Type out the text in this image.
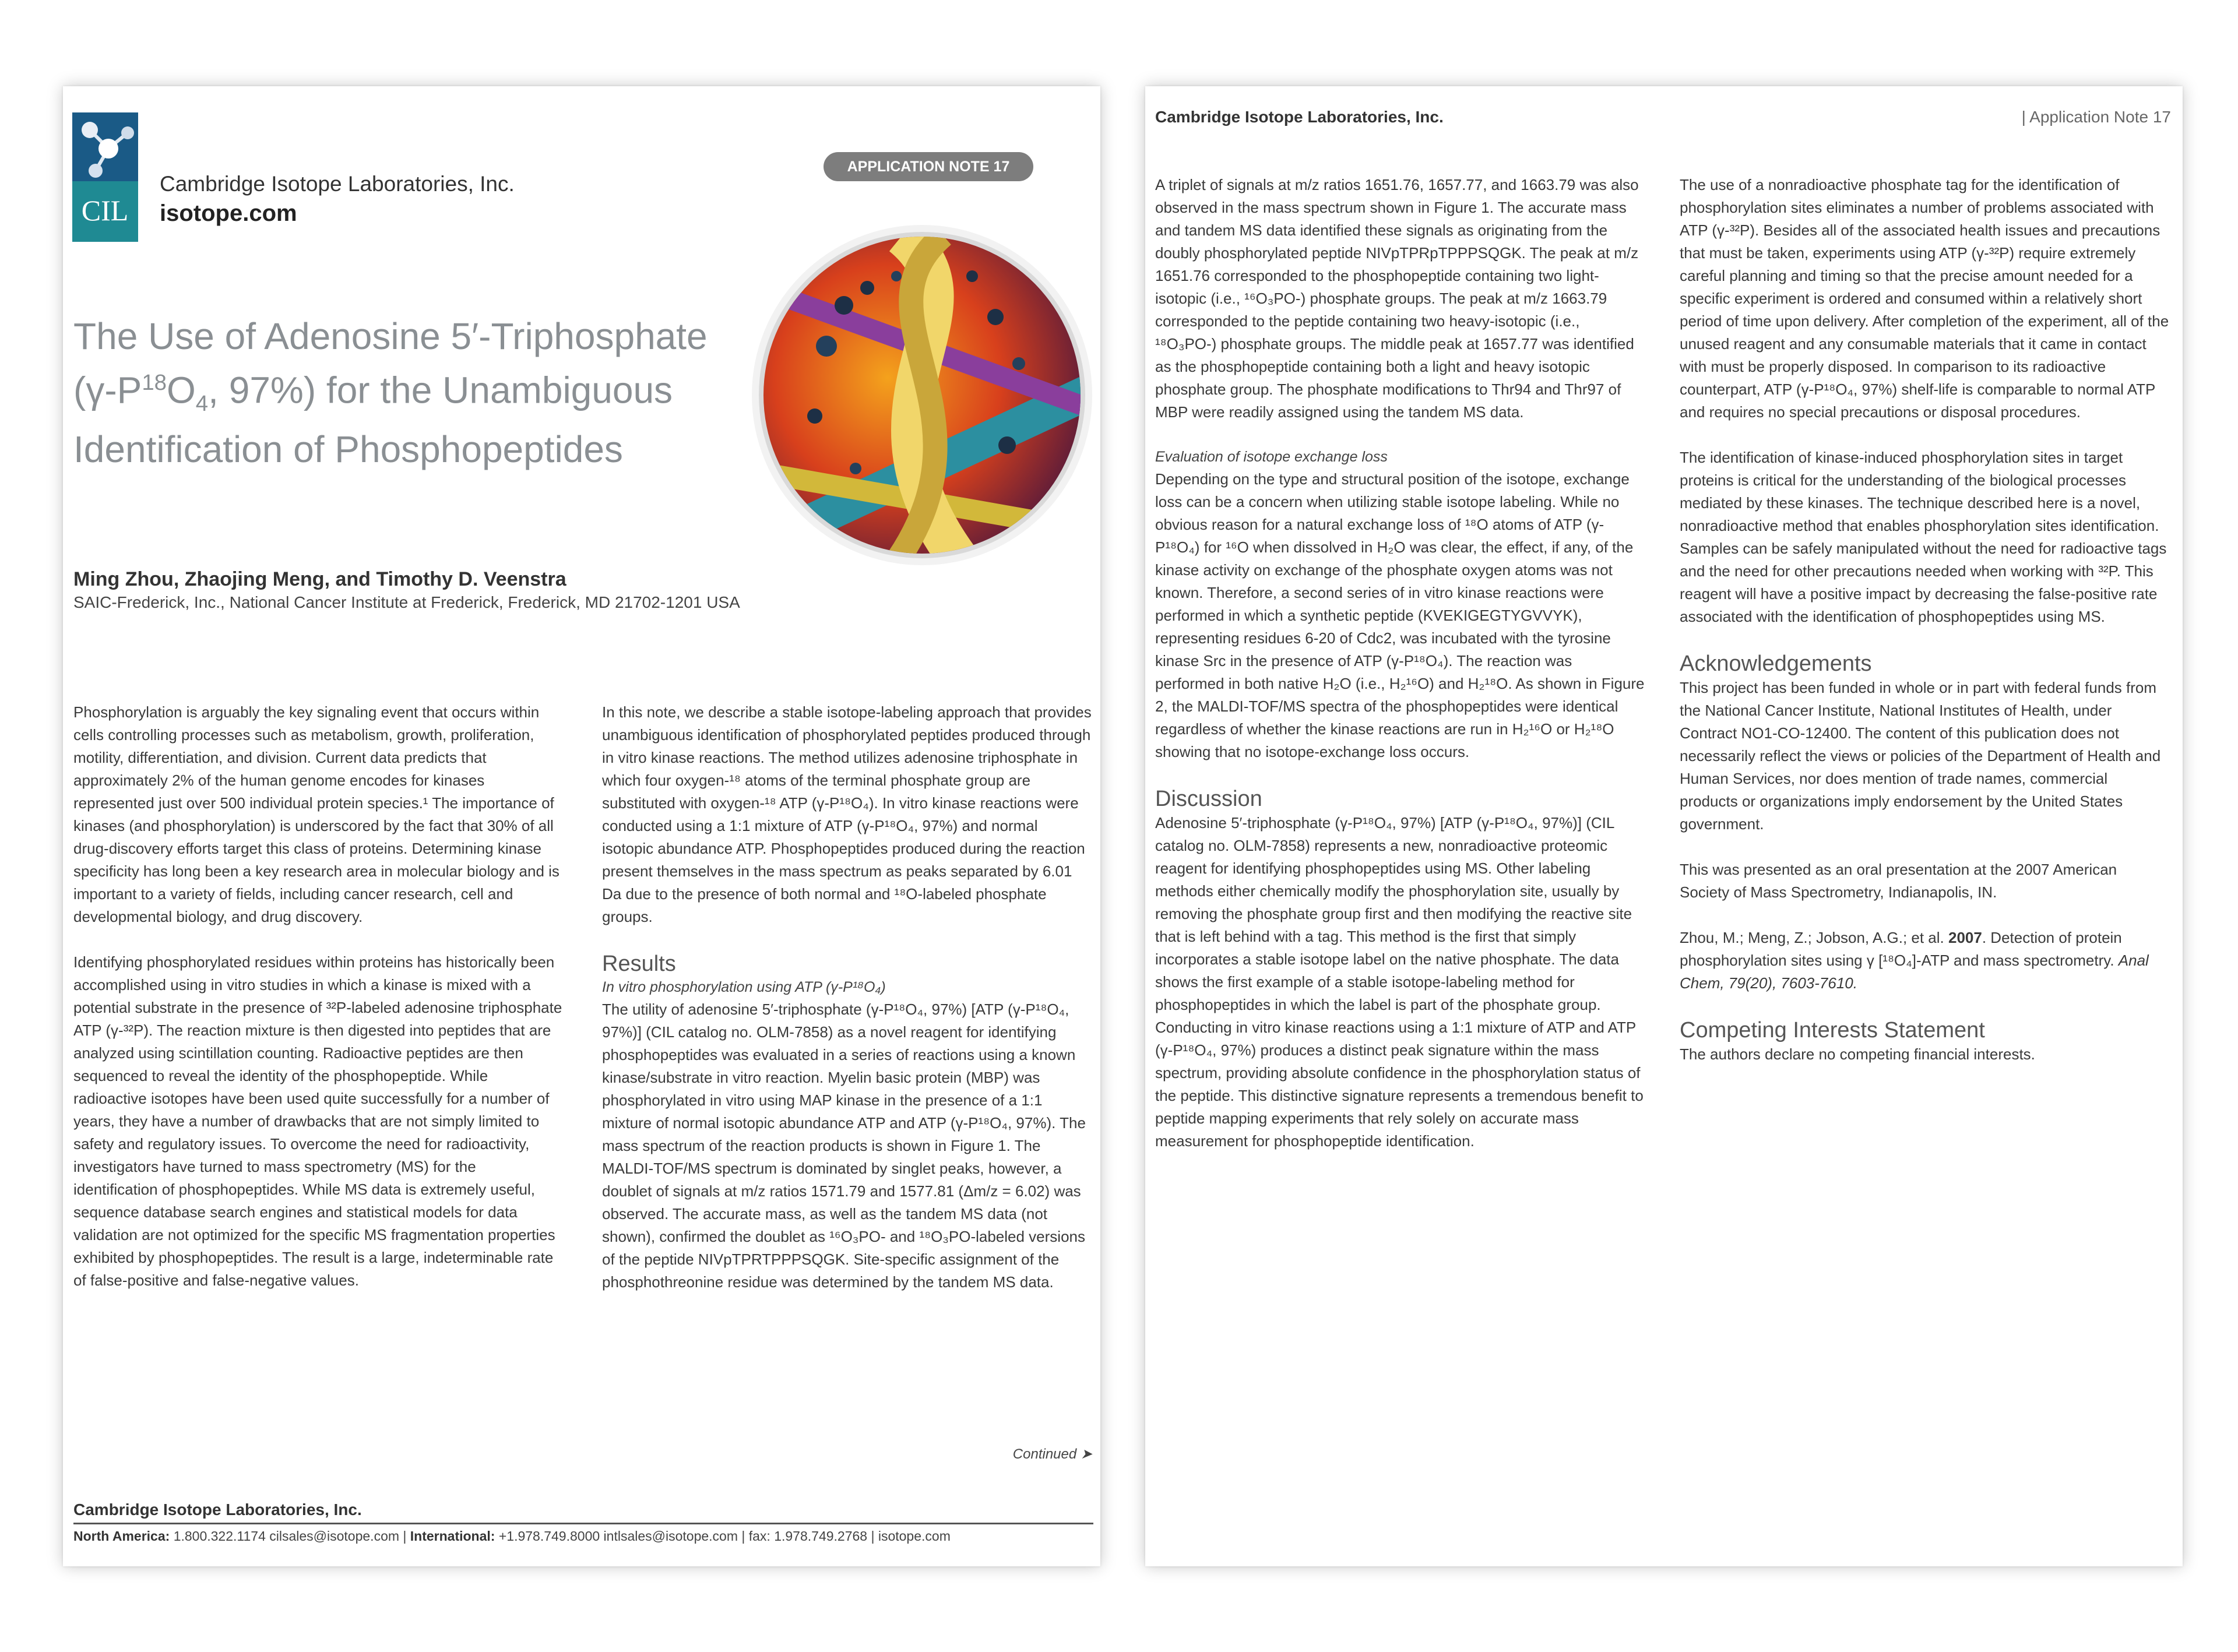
CIL
Cambridge Isotope Laboratories, Inc.
isotope.com
APPLICATION NOTE 17
The Use of Adenosine 5′-Triphosphate
($\gamma-P^{18}O_4$, 97%) for the Unambiguous
Identification of Phosphopeptides
Ming Zhou, Zhaojing Meng, and Timothy D. Veenstra
SAIC-Frederick, Inc., National Cancer Institute at Frederick, Frederick, MD 21702-1201 USA

Phosphorylation is arguably the key signaling event that occurs within cells controlling processes such as metabolism, growth, proliferation, motility, differentiation, and division. Current data predicts that approximately 2% of the human genome encodes for kinases represented just over 500 individual protein species.¹ The importance of kinases (and phosphorylation) is underscored by the fact that 30% of all drug-discovery efforts target this class of proteins. Determining kinase specificity has long been a key research area in molecular biology and is important to a variety of fields, including cancer research, cell and developmental biology, and drug discovery.

Identifying phosphorylated residues within proteins has historically been accomplished using in vitro studies in which a kinase is mixed with a potential substrate in the presence of ³²P-labeled adenosine triphosphate ATP (γ-³²P). The reaction mixture is then digested into peptides that are analyzed using scintillation counting. Radioactive peptides are then sequenced to reveal the identity of the phosphopeptide. While radioactive isotopes have been used quite successfully for a number of years, they have a number of drawbacks that are not simply limited to safety and regulatory issues. To overcome the need for radioactivity, investigators have turned to mass spectrometry (MS) for the identification of phosphopeptides. While MS data is extremely useful, sequence database search engines and statistical models for data validation are not optimized for the specific MS fragmentation properties exhibited by phosphopeptides. The result is a large, indeterminable rate of false-positive and false-negative values.

In this note, we describe a stable isotope-labeling approach that provides unambiguous identification of phosphorylated peptides produced through in vitro kinase reactions. The method utilizes adenosine triphosphate in which four oxygen-¹⁸ atoms of the terminal phosphate group are substituted with oxygen-¹⁸ ATP (γ-P¹⁸O₄). In vitro kinase reactions were conducted using a 1:1 mixture of ATP (γ-P¹⁸O₄, 97%) and normal isotopic abundance ATP. Phosphopeptides produced during the reaction present themselves in the mass spectrum as peaks separated by 6.01 Da due to the presence of both normal and ¹⁸O-labeled phosphate groups.

Results
In vitro phosphorylation using ATP (γ-P¹⁸O₄)

The utility of adenosine 5′-triphosphate (γ-P¹⁸O₄, 97%) [ATP (γ-P¹⁸O₄, 97%)] (CIL catalog no. OLM-7858) as a novel reagent for identifying phosphopeptides was evaluated in a series of reactions using a known kinase/substrate in vitro reaction. Myelin basic protein (MBP) was phosphorylated in vitro using MAP kinase in the presence of a 1:1 mixture of normal isotopic abundance ATP and ATP (γ-P¹⁸O₄, 97%). The mass spectrum of the reaction products is shown in Figure 1. The MALDI-TOF/MS spectrum is dominated by singlet peaks, however, a doublet of signals at m/z ratios 1571.79 and 1577.81 (Δm/z = 6.02) was observed. The accurate mass, as well as the tandem MS data (not shown), confirmed the doublet as ¹⁶O₃PO- and ¹⁸O₃PO-labeled versions of the peptide NIVpTPRTPPPSQGK. Site-specific assignment of the phosphothreonine residue was determined by the tandem MS data.

Continued ➤
Cambridge Isotope Laboratories, Inc.
North America: 1.800.322.1174 cilsales@isotope.com | International: +1.978.749.8000 intlsales@isotope.com | fax: 1.978.749.2768 | isotope.com
Cambridge Isotope Laboratories, Inc.	| Application Note 17

A triplet of signals at m/z ratios 1651.76, 1657.77, and 1663.79 was also observed in the mass spectrum shown in Figure 1. The accurate mass and tandem MS data identified these signals as originating from the doubly phosphorylated peptide NIVpTPRpTPPPSQGK. The peak at m/z 1651.76 corresponded to the phosphopeptide containing two light-isotopic (i.e., ¹⁶O₃PO-) phosphate groups. The peak at m/z 1663.79 corresponded to the peptide containing two heavy-isotopic (i.e., ¹⁸O₃PO-) phosphate groups. The middle peak at 1657.77 was identified as the phosphopeptide containing both a light and heavy isotopic phosphate group. The phosphate modifications to Thr94 and Thr97 of MBP were readily assigned using the tandem MS data.

Evaluation of isotope exchange loss

Depending on the type and structural position of the isotope, exchange loss can be a concern when utilizing stable isotope labeling. While no obvious reason for a natural exchange loss of ¹⁸O atoms of ATP (γ-P¹⁸O₄) for ¹⁶O when dissolved in H₂O was clear, the effect, if any, of the kinase activity on exchange of the phosphate oxygen atoms was not known. Therefore, a second series of in vitro kinase reactions were performed in which a synthetic peptide (KVEKIGEGTYGVVYK), representing residues 6-20 of Cdc2, was incubated with the tyrosine kinase Src in the presence of ATP (γ-P¹⁸O₄). The reaction was performed in both native H₂O (i.e., H₂¹⁶O) and H₂¹⁸O. As shown in Figure 2, the MALDI-TOF/MS spectra of the phosphopeptides were identical regardless of whether the kinase reactions are run in H₂¹⁶O or H₂¹⁸O showing that no isotope-exchange loss occurs.

Discussion

Adenosine 5′-triphosphate (γ-P¹⁸O₄, 97%) [ATP (γ-P¹⁸O₄, 97%)] (CIL catalog no. OLM-7858) represents a new, nonradioactive proteomic reagent for identifying phosphopeptides using MS. Other labeling methods either chemically modify the phosphorylation site, usually by removing the phosphate group first and then modifying the reactive site that is left behind with a tag. This method is the first that simply incorporates a stable isotope label on the native phosphate. The data shows the first example of a stable isotope-labeling method for phosphopeptides in which the label is part of the phosphate group. Conducting in vitro kinase reactions using a 1:1 mixture of ATP and ATP (γ-P¹⁸O₄, 97%) produces a distinct peak signature within the mass spectrum, providing absolute confidence in the phosphorylation status of the peptide. This distinctive signature represents a tremendous benefit to peptide mapping experiments that rely solely on accurate mass measurement for phosphopeptide identification.

The use of a nonradioactive phosphate tag for the identification of phosphorylation sites eliminates a number of problems associated with ATP (γ-³²P). Besides all of the associated health issues and precautions that must be taken, experiments using ATP (γ-³²P) require extremely careful planning and timing so that the precise amount needed for a specific experiment is ordered and consumed within a relatively short period of time upon delivery. After completion of the experiment, all of the unused reagent and any consumable materials that it came in contact with must be properly disposed. In comparison to its radioactive counterpart, ATP (γ-P¹⁸O₄, 97%) shelf-life is comparable to normal ATP and requires no special precautions or disposal procedures.

The identification of kinase-induced phosphorylation sites in target proteins is critical for the understanding of the biological processes mediated by these kinases. The technique described here is a novel, nonradioactive method that enables phosphorylation sites identification. Samples can be safely manipulated without the need for radioactive tags and the need for other precautions needed when working with ³²P. This reagent will have a positive impact by decreasing the false-positive rate associated with the identification of phosphopeptides using MS.

Acknowledgements

This project has been funded in whole or in part with federal funds from the National Cancer Institute, National Institutes of Health, under Contract NO1-CO-12400. The content of this publication does not necessarily reflect the views or policies of the Department of Health and Human Services, nor does mention of trade names, commercial products or organizations imply endorsement by the United States government.

This was presented as an oral presentation at the 2007 American Society of Mass Spectrometry, Indianapolis, IN.

Zhou, M.; Meng, Z.; Jobson, A.G.; et al. 2007. Detection of protein phosphorylation sites using γ [¹⁸O₄]-ATP and mass spectrometry. Anal Chem, 79(20), 7603-7610.

Competing Interests Statement

The authors declare no competing financial interests.
